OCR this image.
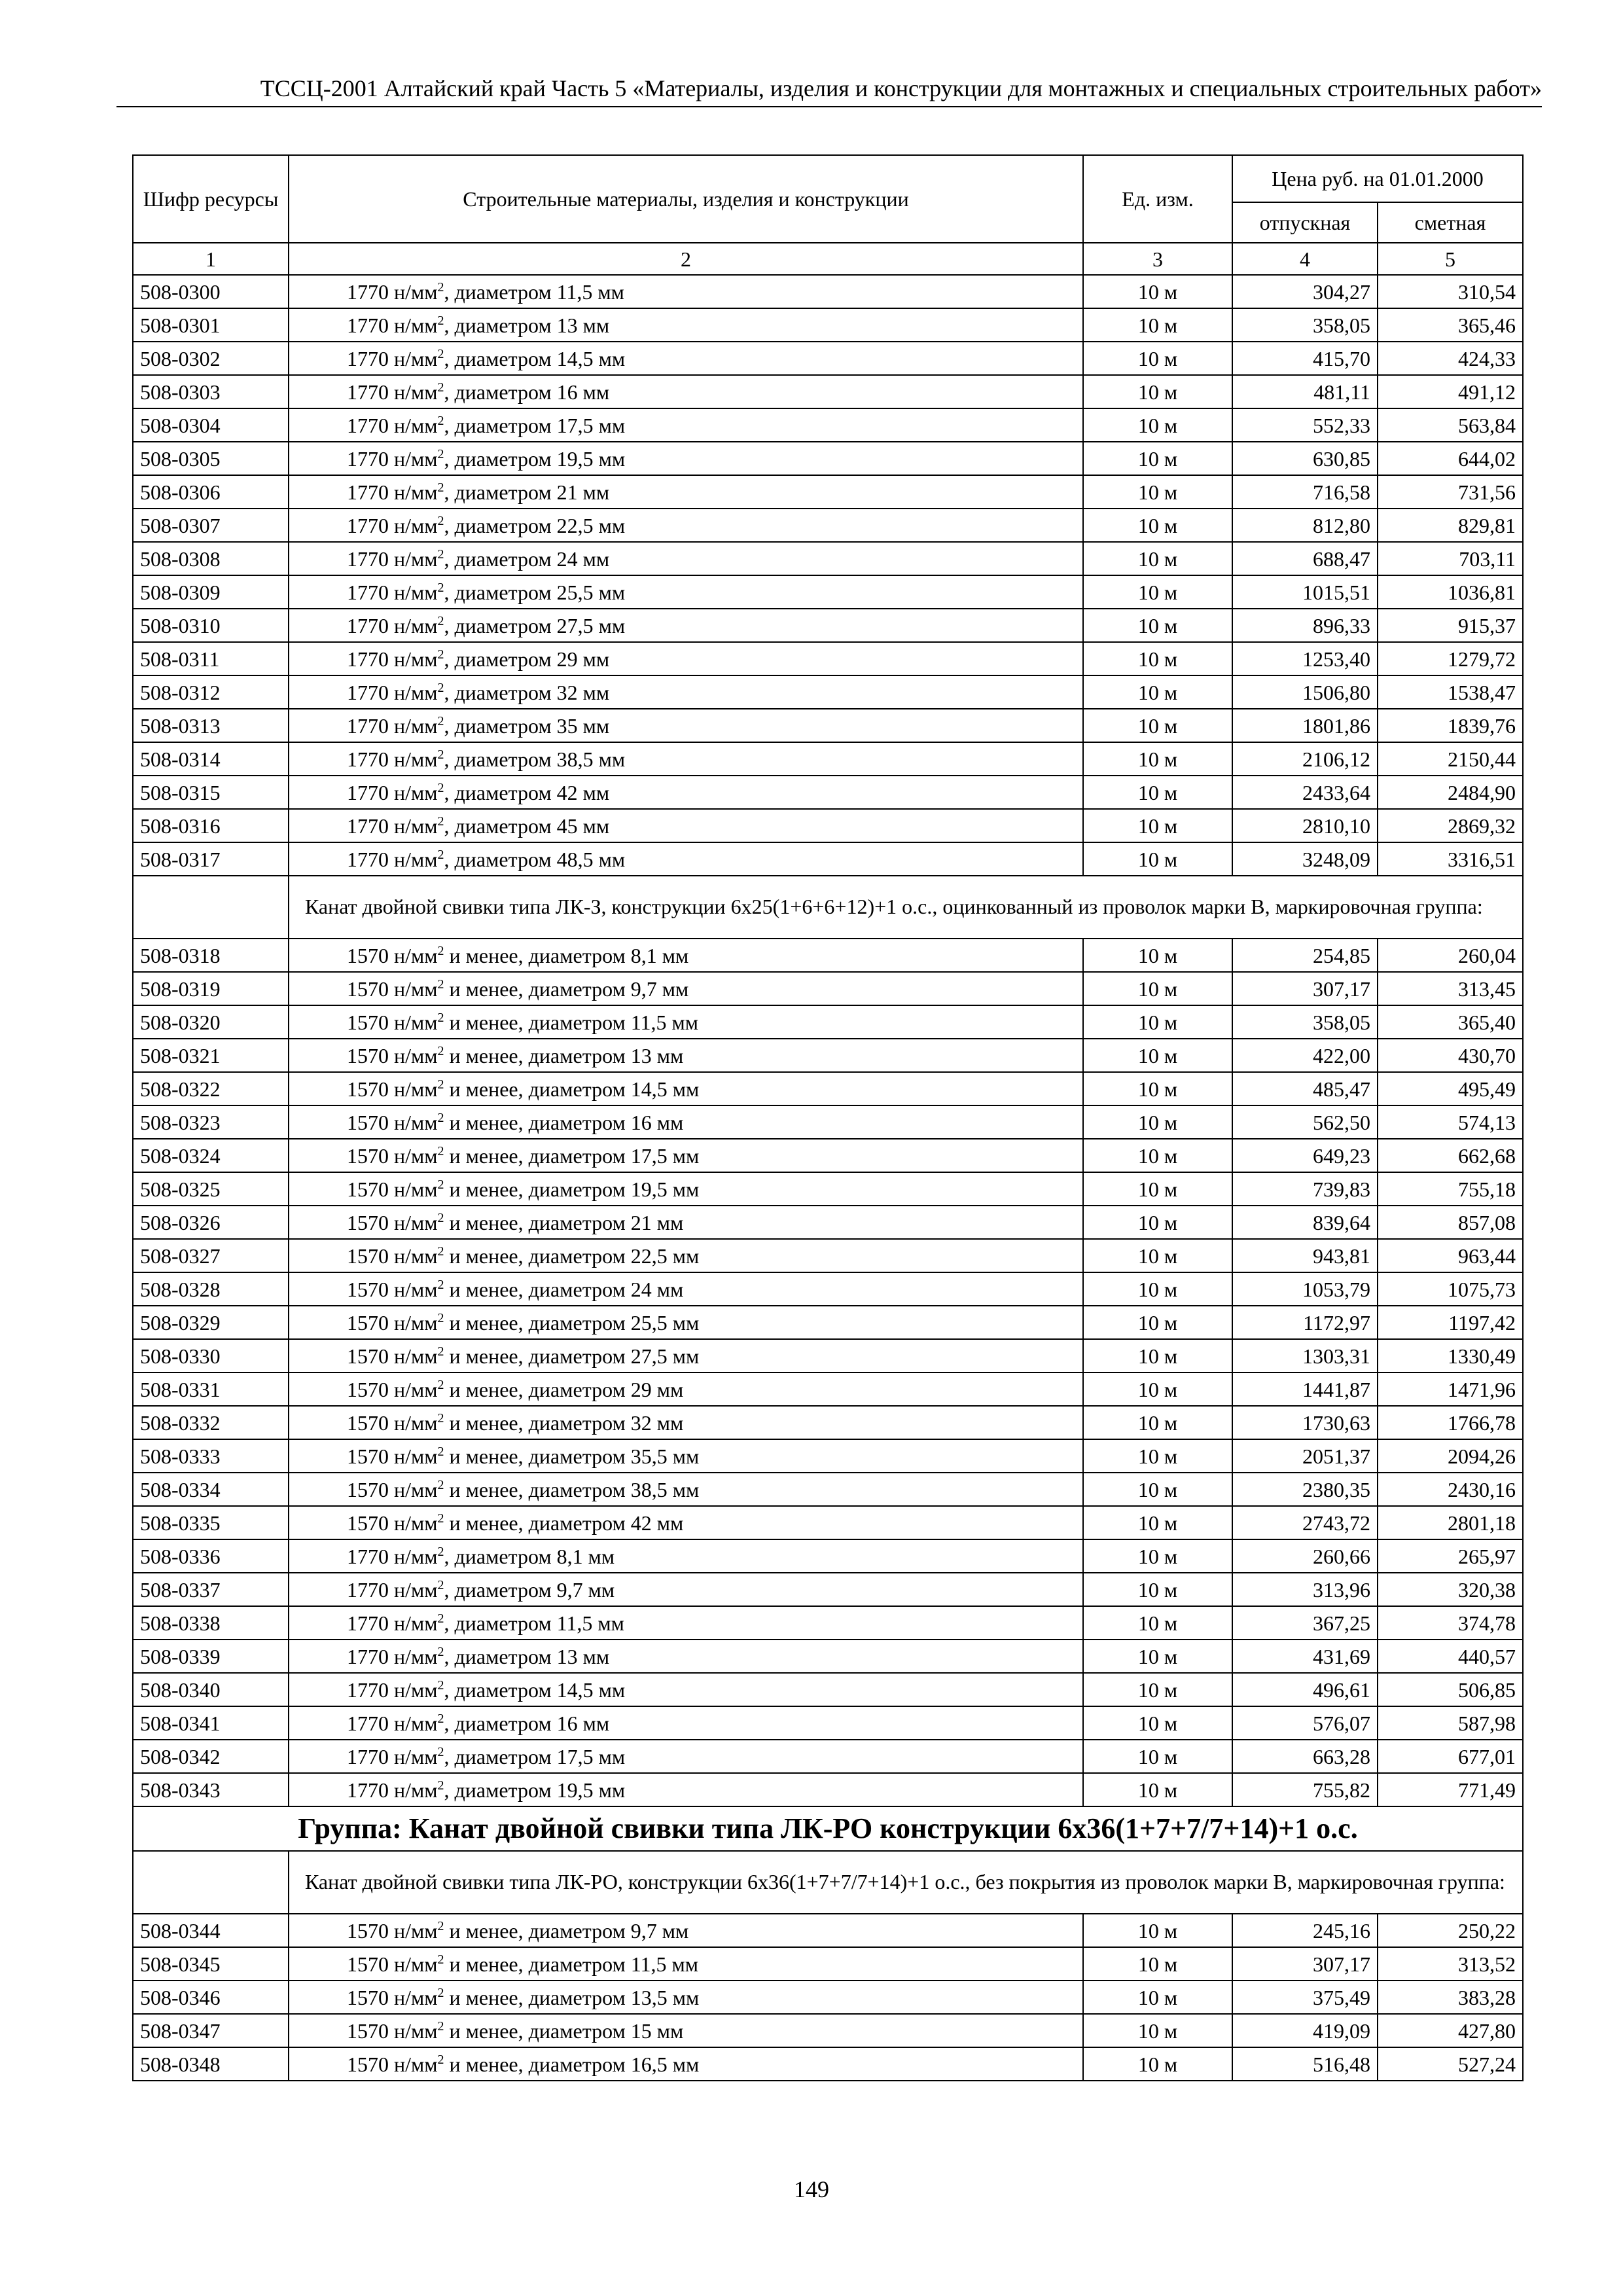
ТССЦ-2001 Алтайский край Часть 5 «Материалы, изделия и конструкции для монтажных и специальных строительных работ»
Шифр ресурсы	Строительные материалы, изделия и конструкции	Ед. изм.	Цена руб. на 01.01.2000	
			отпускная	сметная
1	2	3	4	5
508-0300	1770 $н/мм^2$, диаметром 11,5 мм	10 м	304,27	310,54
508-0301	1770 $н/мм^2$, диаметром 13 мм	10 м	358,05	365,46
508-0302	1770 $н/мм^2$, диаметром 14,5 мм	10 м	415,70	424,33
508-0303	1770 $н/мм^2$, диаметром 16 мм	10 м	481,11	491,12
508-0304	1770 $н/мм^2$, диаметром 17,5 мм	10 м	552,33	563,84
508-0305	1770 $н/мм^2$, диаметром 19,5 мм	10 м	630,85	644,02
508-0306	1770 $н/мм^2$, диаметром 21 мм	10 м	716,58	731,56
508-0307	1770 $н/мм^2$, диаметром 22,5 мм	10 м	812,80	829,81
508-0308	1770 $н/мм^2$, диаметром 24 мм	10 м	688,47	703,11
508-0309	1770 $н/мм^2$, диаметром 25,5 мм	10 м	1015,51	1036,81
508-0310	1770 $н/мм^2$, диаметром 27,5 мм	10 м	896,33	915,37
508-0311	1770 $н/мм^2$, диаметром 29 мм	10 м	1253,40	1279,72
508-0312	1770 $н/мм^2$, диаметром 32 мм	10 м	1506,80	1538,47
508-0313	1770 $н/мм^2$, диаметром 35 мм	10 м	1801,86	1839,76
508-0314	1770 $н/мм^2$, диаметром 38,5 мм	10 м	2106,12	2150,44
508-0315	1770 $н/мм^2$, диаметром 42 мм	10 м	2433,64	2484,90
508-0316	1770 $н/мм^2$, диаметром 45 мм	10 м	2810,10	2869,32
508-0317	1770 $н/мм^2$, диаметром 48,5 мм	10 м	3248,09	3316,51
	Канат двойной свивки типа ЛК-З, конструкции 6х25(1+6+6+12)+1 о.с., оцинкованный из проволок марки В, маркировочная группа:			
508-0318	1570 $н/мм^2$ и менее, диаметром 8,1 мм	10 м	254,85	260,04
508-0319	1570 $н/мм^2$ и менее, диаметром 9,7 мм	10 м	307,17	313,45
508-0320	1570 $н/мм^2$ и менее, диаметром 11,5 мм	10 м	358,05	365,40
508-0321	1570 $н/мм^2$ и менее, диаметром 13 мм	10 м	422,00	430,70
508-0322	1570 $н/мм^2$ и менее, диаметром 14,5 мм	10 м	485,47	495,49
508-0323	1570 $н/мм^2$ и менее, диаметром 16 мм	10 м	562,50	574,13
508-0324	1570 $н/мм^2$ и менее, диаметром 17,5 мм	10 м	649,23	662,68
508-0325	1570 $н/мм^2$ и менее, диаметром 19,5 мм	10 м	739,83	755,18
508-0326	1570 $н/мм^2$ и менее, диаметром 21 мм	10 м	839,64	857,08
508-0327	1570 $н/мм^2$ и менее, диаметром 22,5 мм	10 м	943,81	963,44
508-0328	1570 $н/мм^2$ и менее, диаметром 24 мм	10 м	1053,79	1075,73
508-0329	1570 $н/мм^2$ и менее, диаметром 25,5 мм	10 м	1172,97	1197,42
508-0330	1570 $н/мм^2$ и менее, диаметром 27,5 мм	10 м	1303,31	1330,49
508-0331	1570 $н/мм^2$ и менее, диаметром 29 мм	10 м	1441,87	1471,96
508-0332	1570 $н/мм^2$ и менее, диаметром 32 мм	10 м	1730,63	1766,78
508-0333	1570 $н/мм^2$ и менее, диаметром 35,5 мм	10 м	2051,37	2094,26
508-0334	1570 $н/мм^2$ и менее, диаметром 38,5 мм	10 м	2380,35	2430,16
508-0335	1570 $н/мм^2$ и менее, диаметром 42 мм	10 м	2743,72	2801,18
508-0336	1770 $н/мм^2$, диаметром 8,1 мм	10 м	260,66	265,97
508-0337	1770 $н/мм^2$, диаметром 9,7 мм	10 м	313,96	320,38
508-0338	1770 $н/мм^2$, диаметром 11,5 мм	10 м	367,25	374,78
508-0339	1770 $н/мм^2$, диаметром 13 мм	10 м	431,69	440,57
508-0340	1770 $н/мм^2$, диаметром 14,5 мм	10 м	496,61	506,85
508-0341	1770 $н/мм^2$, диаметром 16 мм	10 м	576,07	587,98
508-0342	1770 $н/мм^2$, диаметром 17,5 мм	10 м	663,28	677,01
508-0343	1770 $н/мм^2$, диаметром 19,5 мм	10 м	755,82	771,49
Группа: Канат двойной свивки типа ЛК-РО конструкции 6х36(1+7+7/7+14)+1 о.с.				
	Канат двойной свивки типа ЛК-РО, конструкции 6х36(1+7+7/7+14)+1 о.с., без покрытия из проволок марки В, маркировочная группа:			
508-0344	1570 $н/мм^2$ и менее, диаметром 9,7 мм	10 м	245,16	250,22
508-0345	1570 $н/мм^2$ и менее, диаметром 11,5 мм	10 м	307,17	313,52
508-0346	1570 $н/мм^2$ и менее, диаметром 13,5 мм	10 м	375,49	383,28
508-0347	1570 $н/мм^2$ и менее, диаметром 15 мм	10 м	419,09	427,80
508-0348	1570 $н/мм^2$ и менее, диаметром 16,5 мм	10 м	516,48	527,24
149
